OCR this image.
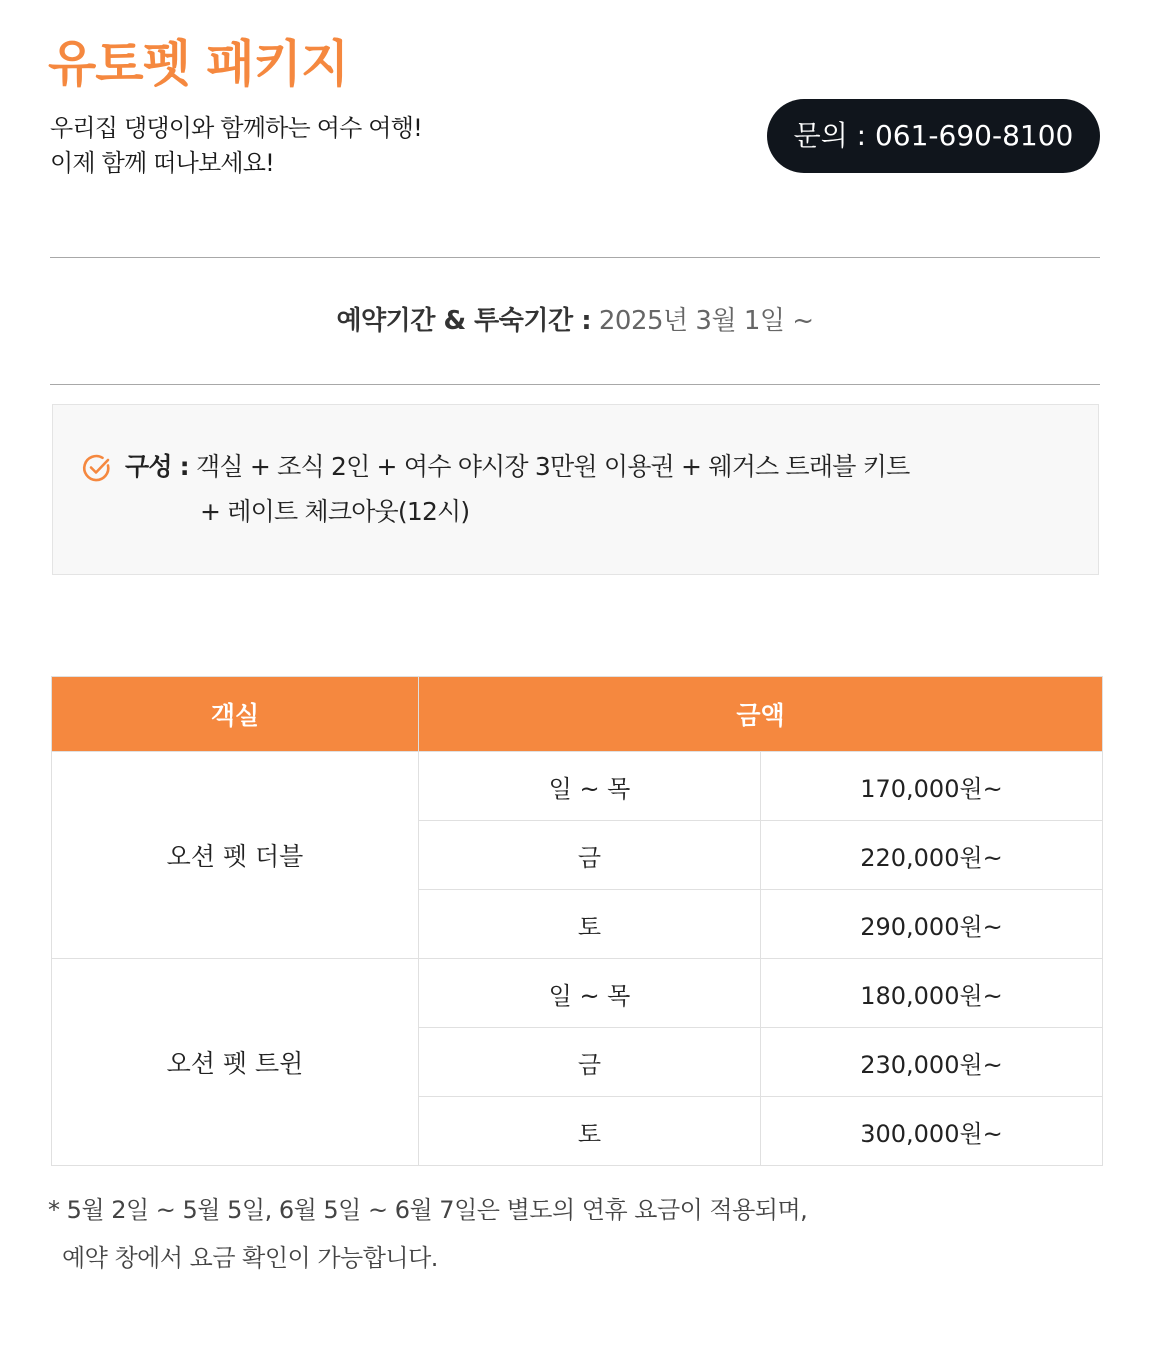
유토펫 패키지
우리집 댕댕이와 함께하는 여수 여행!
이제 함께 떠나보세요!
문의 : 061-690-8100
예약기간 & 투숙기간 : 2025년 3월 1일 ~
구성 : 객실 + 조식 2인 + 여수 야시장 3만원 이용권 + 웨거스 트래블 키트
+ 레이트 체크아웃(12시)
객실	금액	
오션 펫 더블	일 ~ 목	170,000원~
	금	220,000원~
	토	290,000원~
오션 펫 트윈	일 ~ 목	180,000원~
	금	230,000원~
	토	300,000원~
* 5월 2일 ~ 5월 5일, 6월 5일 ~ 6월 7일은 별도의 연휴 요금이 적용되며,
예약 창에서 요금 확인이 가능합니다.
